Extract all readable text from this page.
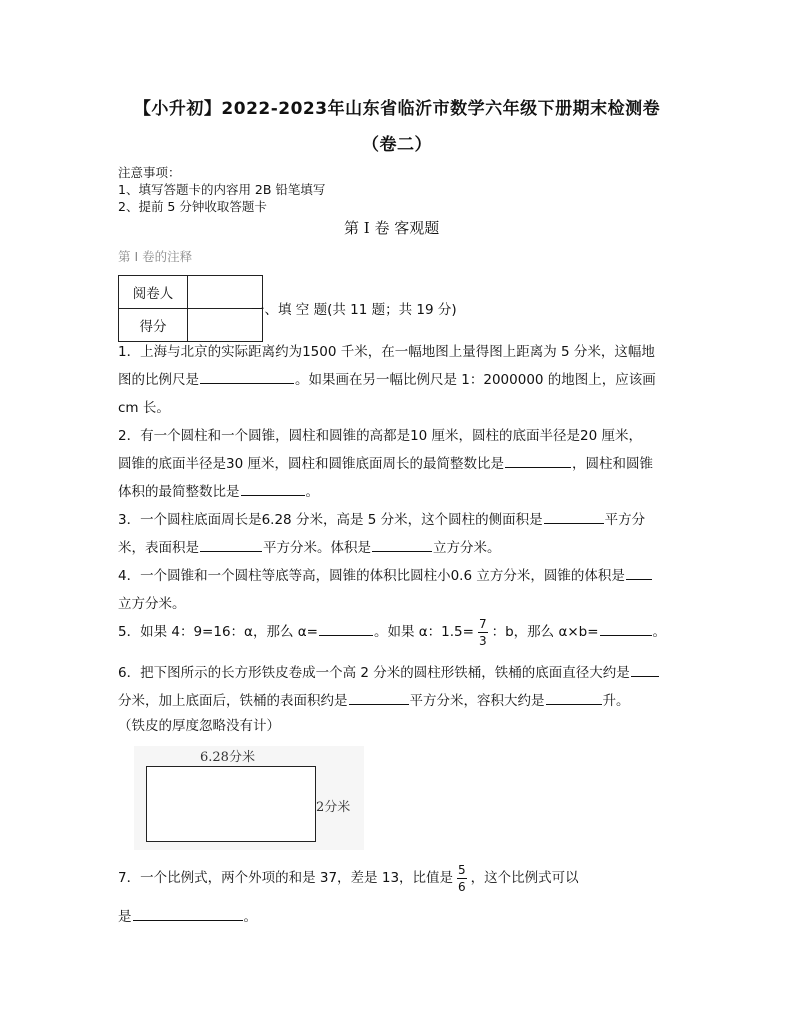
【小升初】2022-2023年山东省临沂市数学六年级下册期末检测卷
（卷二）
注意事项：
1、填写答题卡的内容用 2B 铅笔填写
2、提前 5 分钟收取答题卡
第 I 卷 客观题
第 I 卷的注释
阅卷人	
得分	
一、填 空 题(共 11 题；共 19 分)
1．上海与北京的实际距离约为1500 千米，在一幅地图上量得图上距离为 5 分米，这幅地
图的比例尺是	。如果画在另一幅比例尺是 1：2000000 的地图上，应该画
cm 长。
2．有一个圆柱和一个圆锥，圆柱和圆锥的高都是10 厘米，圆柱的底面半径是20 厘米，
圆锥的底面半径是30 厘米，圆柱和圆锥底面周长的最简整数比是	，圆柱和圆锥
体积的最简整数比是	。
3．一个圆柱底面周长是6.28 分米，高是 5 分米，这个圆柱的侧面积是	平方分
米，表面积是	平方分米。体积是	立方分米。
4．一个圆锥和一个圆柱等底等高，圆锥的体积比圆柱小0.6 立方分米，圆锥的体积是
立方分米。
5．如果 4：9=16：α，那么 α=	。如果 α：$1.5= \frac{7}{3}$ ：b，那么 α×b=	。
6．把下图所示的长方形铁皮卷成一个高 2 分米的圆柱形铁桶，铁桶的底面直径大约是
分米，加上底面后，铁桶的表面积约是	平方分米，容积大约是	升。
（铁皮的厚度忽略没有计）
6.28分米
2分米
7．一个比例式，两个外项的和是 37，差是 13，比值是 $\frac{5}{6}$ ，这个比例式可以
是	。
